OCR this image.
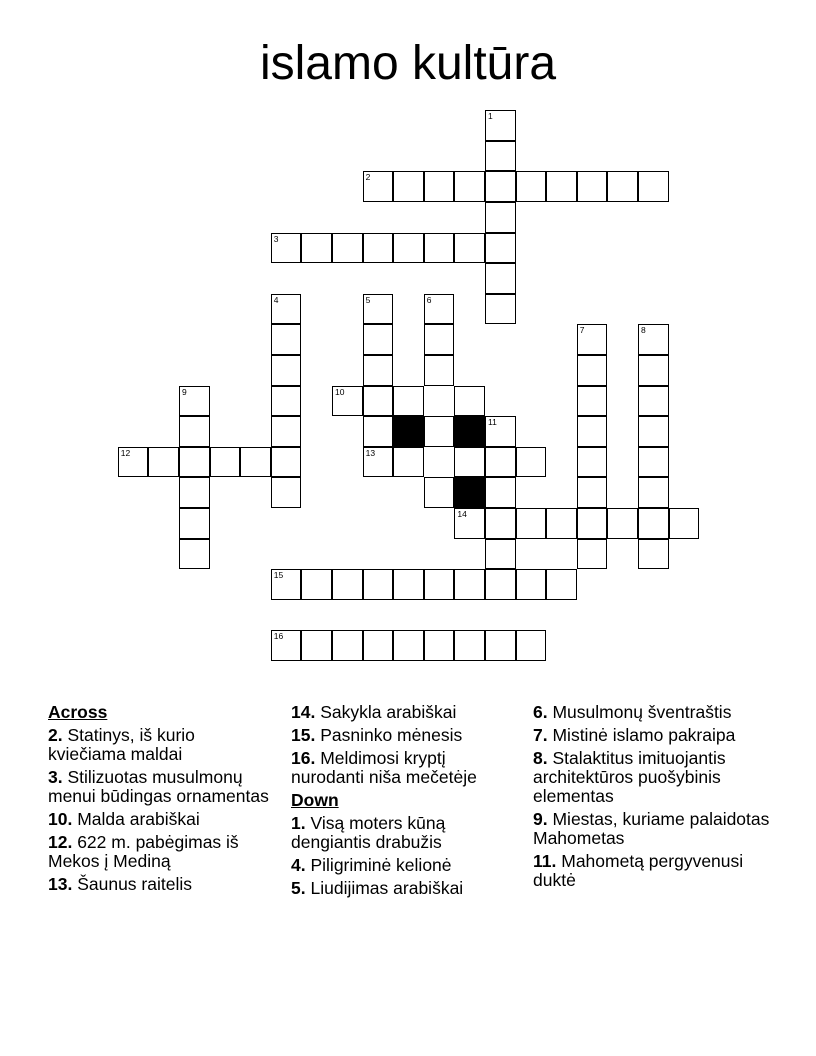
islamo kultūra
1
2
3
4	5	6
7	8
9	10
11
12	13
14
15
16
Across
2. Statinys, iš kurio kviečiama maldai
3. Stilizuotas musulmonų menui būdingas ornamentas
10. Malda arabiškai
12. 622 m. pabėgimas iš Mekos į Mediną
13. Šaunus raitelis
14. Sakykla arabiškai
15. Pasninko mėnesis
16. Meldimosi kryptį nurodanti niša mečetėje
Down
1. Visą moters kūną dengiantis drabužis
4. Piligriminė kelionė
5. Liudijimas arabiškai
6. Musulmonų šventraštis
7. Mistinė islamo pakraipa
8. Stalaktitus imituojantis architektūros puošybinis elementas
9. Miestas, kuriame palaidotas Mahometas
11. Mahometą pergyvenusi duktė
